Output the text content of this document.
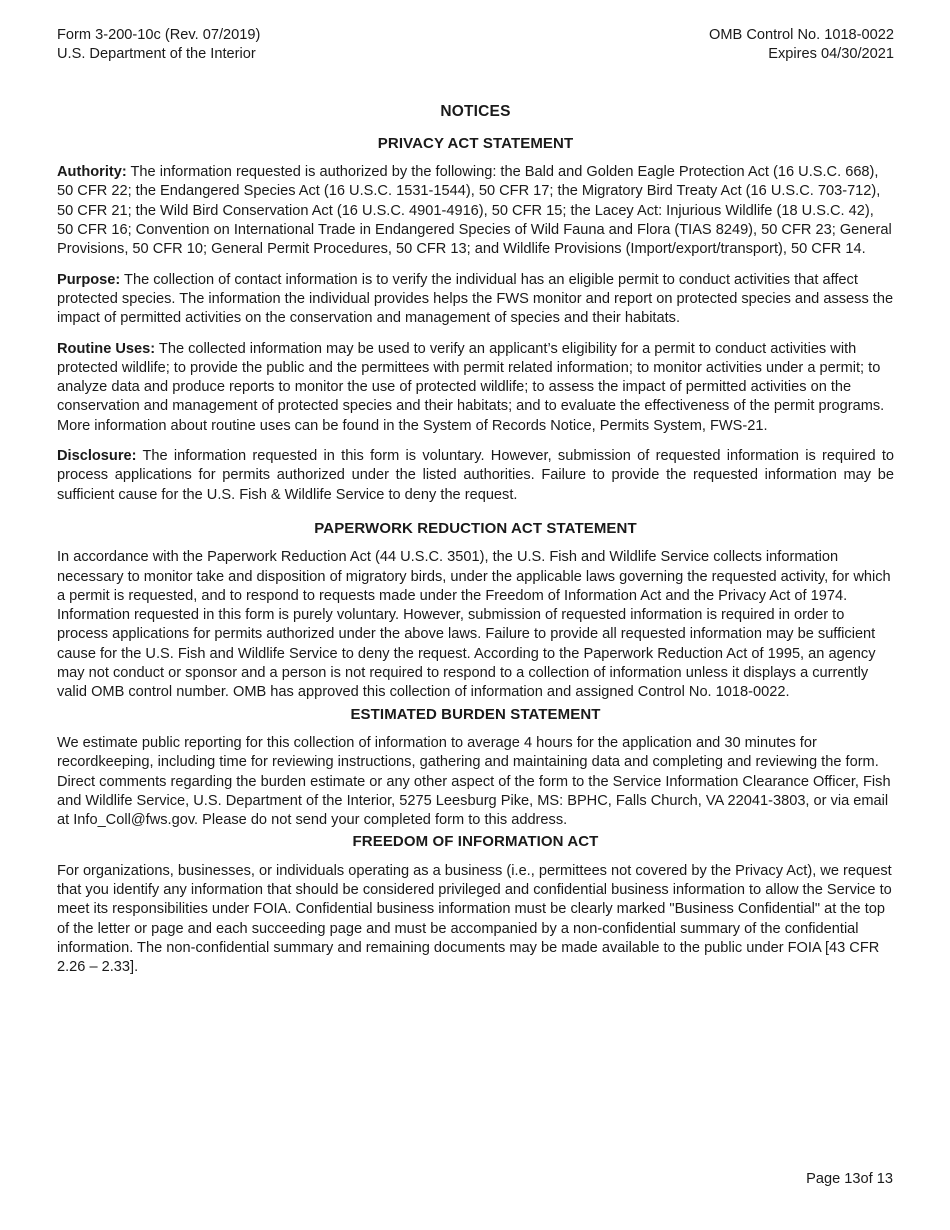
Form 3-200-10c (Rev. 07/2019)
U.S. Department of the Interior
OMB Control No. 1018-0022
Expires 04/30/2021
NOTICES
PRIVACY ACT STATEMENT

Authority: The information requested is authorized by the following: the Bald and Golden Eagle Protection Act (16 U.S.C. 668), 50 CFR 22; the Endangered Species Act (16 U.S.C. 1531-1544), 50 CFR 17; the Migratory Bird Treaty Act (16 U.S.C. 703-712), 50 CFR 21; the Wild Bird Conservation Act (16 U.S.C. 4901-4916), 50 CFR 15; the Lacey Act: Injurious Wildlife (18 U.S.C. 42), 50 CFR 16; Convention on International Trade in Endangered Species of Wild Fauna and Flora (TIAS 8249), 50 CFR 23; General Provisions, 50 CFR 10; General Permit Procedures, 50 CFR 13; and Wildlife Provisions (Import/export/transport), 50 CFR 14.

Purpose: The collection of contact information is to verify the individual has an eligible permit to conduct activities that affect protected species. The information the individual provides helps the FWS monitor and report on protected species and assess the impact of permitted activities on the conservation and management of species and their habitats.

Routine Uses: The collected information may be used to verify an applicant’s eligibility for a permit to conduct activities with protected wildlife; to provide the public and the permittees with permit related information; to monitor activities under a permit; to analyze data and produce reports to monitor the use of protected wildlife; to assess the impact of permitted activities on the conservation and management of protected species and their habitats; and to evaluate the effectiveness of the permit programs. More information about routine uses can be found in the System of Records Notice, Permits System, FWS-21.

Disclosure: The information requested in this form is voluntary. However, submission of requested information is required to process applications for permits authorized under the listed authorities. Failure to provide the requested information may be sufficient cause for the U.S. Fish & Wildlife Service to deny the request.

PAPERWORK REDUCTION ACT STATEMENT

In accordance with the Paperwork Reduction Act (44 U.S.C. 3501), the U.S. Fish and Wildlife Service collects information necessary to monitor take and disposition of migratory birds, under the applicable laws governing the requested activity, for which a permit is requested, and to respond to requests made under the Freedom of Information Act and the Privacy Act of 1974. Information requested in this form is purely voluntary. However, submission of requested information is required in order to process applications for permits authorized under the above laws. Failure to provide all requested information may be sufficient cause for the U.S. Fish and Wildlife Service to deny the request. According to the Paperwork Reduction Act of 1995, an agency may not conduct or sponsor and a person is not required to respond to a collection of information unless it displays a currently valid OMB control number. OMB has approved this collection of information and assigned Control No. 1018-0022.

ESTIMATED BURDEN STATEMENT

We estimate public reporting for this collection of information to average 4 hours for the application and 30 minutes for recordkeeping, including time for reviewing instructions, gathering and maintaining data and completing and reviewing the form. Direct comments regarding the burden estimate or any other aspect of the form to the Service Information Clearance Officer, Fish and Wildlife Service, U.S. Department of the Interior, 5275 Leesburg Pike, MS: BPHC, Falls Church, VA 22041-3803, or via email at Info_Coll@fws.gov. Please do not send your completed form to this address.

FREEDOM OF INFORMATION ACT

For organizations, businesses, or individuals operating as a business (i.e., permittees not covered by the Privacy Act), we request that you identify any information that should be considered privileged and confidential business information to allow the Service to meet its responsibilities under FOIA. Confidential business information must be clearly marked "Business Confidential" at the top of the letter or page and each succeeding page and must be accompanied by a non-confidential summary of the confidential information. The non-confidential summary and remaining documents may be made available to the public under FOIA [43 CFR 2.26 – 2.33].

Page 13of 13
